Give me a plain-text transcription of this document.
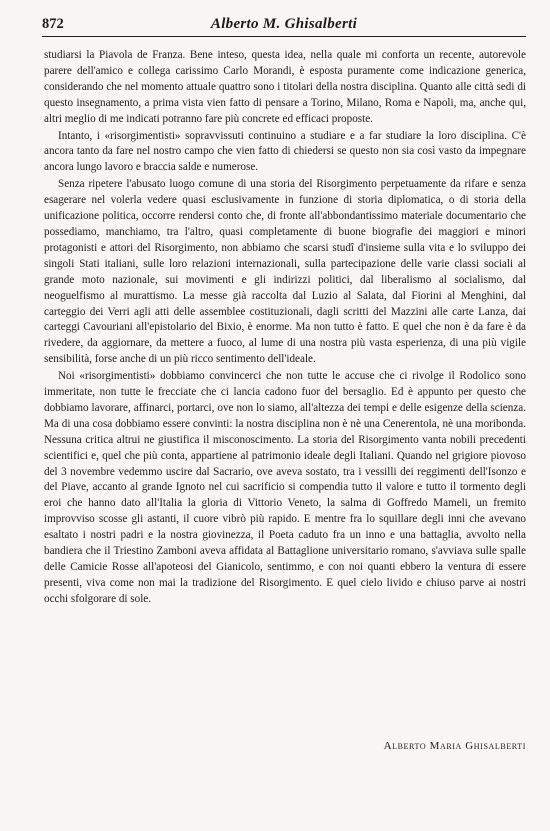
872	Alberto M. Ghisalberti

studiarsi la Piavola de Franza. Bene inteso, questa idea, nella quale mi conforta un recente, autorevole parere dell'amico e collega carissimo Carlo Morandi, è esposta puramente come indicazione generica, considerando che nel momento attuale quattro sono i titolari della nostra disciplina. Quanto alle città sedi di questo insegnamento, a prima vista vien fatto di pensare a Torino, Milano, Roma e Napoli, ma, anche qui, altri meglio di me indicati potranno fare più concrete ed efficaci proposte.

Intanto, i «risorgimentisti» sopravvissuti continuino a studiare e a far studiare la loro disciplina. C'è ancora tanto da fare nel nostro campo che vien fatto di chiedersi se questo non sia così vasto da impegnare ancora lungo lavoro e braccia salde e numerose.

Senza ripetere l'abusato luogo comune di una storia del Risorgimento perpetuamente da rifare e senza esagerare nel volerla vedere quasi esclusivamente in funzione di storia diplomatica, o di storia della unificazione politica, occorre rendersi conto che, di fronte all'abbondantissimo materiale documentario che possediamo, manchiamo, tra l'altro, quasi completamente di buone biografie dei maggiori e minori protagonisti e attori del Risorgimento, non abbiamo che scarsi studî d'insieme sulla vita e lo sviluppo dei singoli Stati italiani, sulle loro relazioni internazionali, sulla partecipazione delle varie classi sociali al grande moto nazionale, sui movimenti e gli indirizzi politici, dal liberalismo al socialismo, dal neoguelfismo al murattismo. La messe già raccolta dal Luzio al Salata, dal Fiorini al Menghini, dal carteggio dei Verri agli atti delle assemblee costituzionali, dagli scritti del Mazzini alle carte Lanza, dai carteggi Cavouriani all'epistolario del Bixio, è enorme. Ma non tutto è fatto. E quel che non è da fare è da rivedere, da aggiornare, da mettere a fuoco, al lume di una nostra più vasta esperienza, di una più vigile sensibilità, forse anche di un più ricco sentimento dell'ideale.

Noi «risorgimentisti» dobbiamo convincerci che non tutte le accuse che ci rivolge il Rodolico sono immeritate, non tutte le frecciate che ci lancia cadono fuor del bersaglio. Ed è appunto per questo che dobbiamo lavorare, affinarci, portarci, ove non lo siamo, all'altezza dei tempi e delle esigenze della scienza. Ma di una cosa dobbiamo essere convinti: la nostra disciplina non è nè una Cenerentola, nè una moribonda. Nessuna critica altrui ne giustifica il misconoscimento. La storia del Risorgimento vanta nobili precedenti scientifici e, quel che più conta, appartiene al patrimonio ideale degli Italiani. Quando nel grigiore piovoso del 3 novembre vedemmo uscire dal Sacrario, ove aveva sostato, tra i vessilli dei reggimenti dell'Isonzo e del Piave, accanto al grande Ignoto nel cui sacrificio si compendia tutto il valore e tutto il tormento degli eroi che hanno dato all'Italia la gloria di Vittorio Veneto, la salma di Goffredo Mameli, un fremito improvviso scosse gli astanti, il cuore vibrò più rapido. E mentre fra lo squillare degli inni che avevano esaltato i nostri padri e la nostra giovinezza, il Poeta caduto fra un inno e una battaglia, avvolto nella bandiera che il Triestino Zamboni aveva affidata al Battaglione universitario romano, s'avviava sulle spalle delle Camicie Rosse all'apoteosi del Gianicolo, sentimmo, e con noi quanti ebbero la ventura di essere presenti, viva come non mai la tradizione del Risorgimento. E quel cielo livido e chiuso parve ai nostri occhi sfolgorare di sole.

Alberto Maria Ghisalberti
